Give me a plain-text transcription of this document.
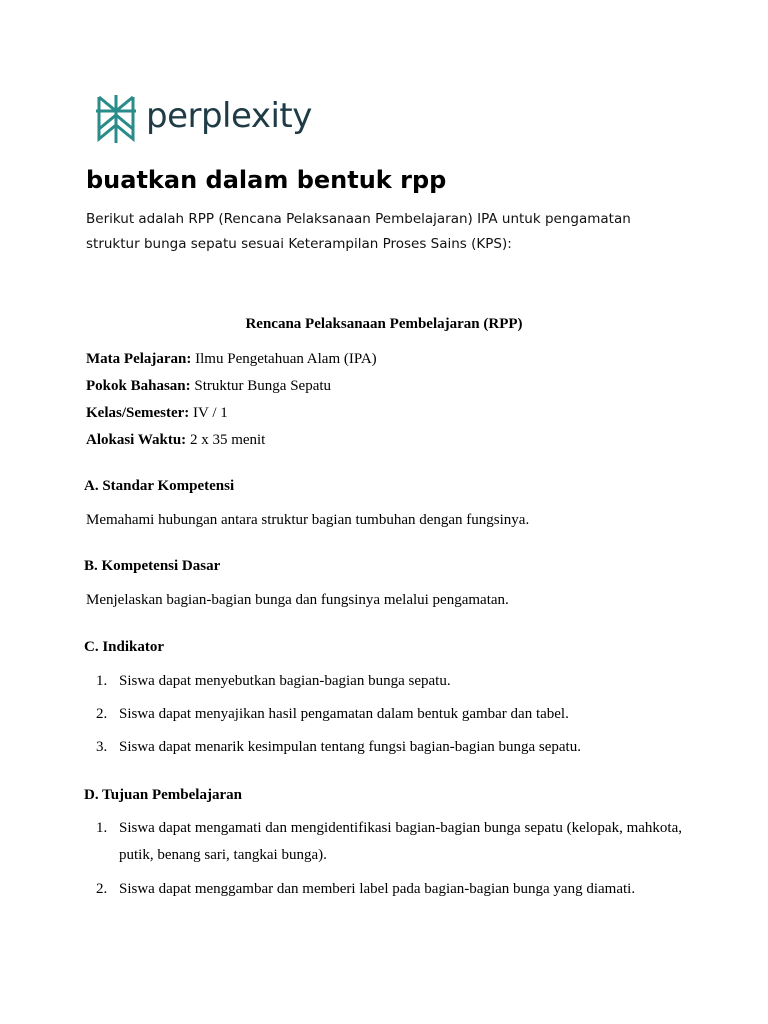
perplexity
buatkan dalam bentuk rpp

Berikut adalah RPP (Rencana Pelaksanaan Pembelajaran) IPA untuk pengamatan struktur bunga sepatu sesuai Keterampilan Proses Sains (KPS):

Rencana Pelaksanaan Pembelajaran (RPP)

Mata Pelajaran: Ilmu Pengetahuan Alam (IPA)

Pokok Bahasan: Struktur Bunga Sepatu

Kelas/Semester: IV / 1

Alokasi Waktu: 2 x 35 menit

A. Standar Kompetensi

Memahami hubungan antara struktur bagian tumbuhan dengan fungsinya.

B. Kompetensi Dasar

Menjelaskan bagian-bagian bunga dan fungsinya melalui pengamatan.

C. Indikator

1. Siswa dapat menyebutkan bagian-bagian bunga sepatu.
2. Siswa dapat menyajikan hasil pengamatan dalam bentuk gambar dan tabel.
3. Siswa dapat menarik kesimpulan tentang fungsi bagian-bagian bunga sepatu.

D. Tujuan Pembelajaran

1. Siswa dapat mengamati dan mengidentifikasi bagian-bagian bunga sepatu (kelopak, mahkota, putik, benang sari, tangkai bunga).
2. Siswa dapat menggambar dan memberi label pada bagian-bagian bunga yang diamati.
